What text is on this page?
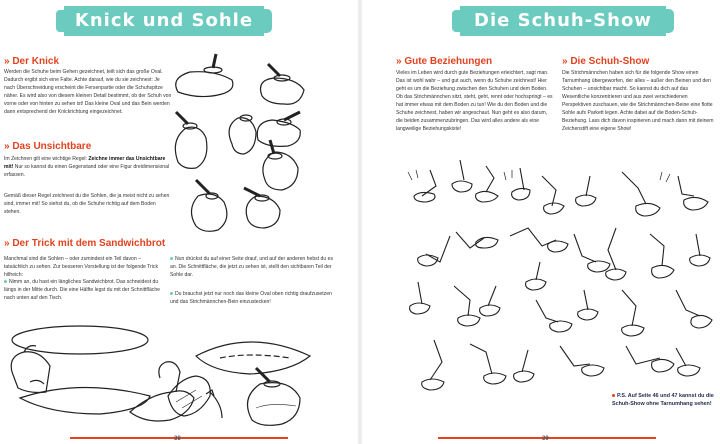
Knick und Sohle
» Der Knick
Werden die Schuhe beim Gehen gezeichnet, teilt sich das große Oval. Dadurch ergibt sich eine Falte. Achte darauf, wie du sie zeichnest: Je nach Überschneidung erscheint die Fersenpartie oder die Schuhspitze näher. Es wird also von diesem kleinen Detail bestimmt, ob der Schuh von vorne oder von hinten zu sehen ist! Das kleine Oval und das Bein werden dann entsprechend der Knickrichtung eingezeichnet.
» Das Unsichtbare
Im Zeichnen gilt eine wichtige Regel: Zeichne immer das Unsichtbare mit! Nur so kannst du einen Gegenstand oder eine Figur dreidimensional erfassen.
Gemäß dieser Regel zeichnest du die Sohlen, die ja meist nicht zu sehen sind, immer mit! So siehst du, ob die Schuhe richtig auf dem Boden stehen.
» Der Trick mit dem Sandwichbrot
Manchmal sind die Sohlen – oder zumindest ein Teil davon – tatsächlich zu sehen. Zur besseren Vorstellung ist der folgende Trick hilfreich:
Nimm an, du hast ein längliches Sandwichbrot. Das schneidest du längs in der Mitte durch. Die eine Hälfte legst du mit der Schnittfläche nach unten auf den Tisch.
Nun drückst du auf einer Seite drauf, und auf der anderen hebst du es an. Die Schnittfläche, die jetzt zu sehen ist, stellt den sichtbaren Teil der Sohle dar.
Du brauchst jetzt nur noch das kleine Oval oben richtig draufzusetzen und das Strichmännchen-Bein einzustecken!
38
Die Schuh-Show
» Gute Beziehungen
Vieles im Leben wird durch gute Beziehungen erleichtert, sagt man. Das ist wohl wahr – und gut auch, wenn du Schuhe zeichnest! Hier geht es um die Beziehung zwischen den Schuhen und dem Boden. Ob das Strichmännchen sitzt, steht, geht, rennt oder hochspringt – es hat immer etwas mit dem Boden zu tun! Wie du den Boden und die Schuhe zeichnest, haben wir angeschaut. Nun geht es also darum, die beiden zusammenzubringen. Das wird alles andere als eine langweilige Beziehungskiste!
» Die Schuh-Show
Die Strichmännchen haben sich für die folgende Show einen Tarnumhang übergeworfen, der alles – außer den Beinen und den Schuhen – unsichtbar macht. So kannst du dich auf das Wesentliche konzentrieren und aus zwei verschiedenen Perspektiven zuschauen, wie die Strichmännchen-Beine eine flotte Sohle aufs Parkett legen. Achte dabei auf die Boden-Schuh-Beziehung. Lass dich davon inspirieren und mach dann mit deinem Zeichenstift eine eigene Show!
P.S. Auf Seite 46 und 47 kannst du die Schuh-Show ohne Tarnumhang sehen!
39
